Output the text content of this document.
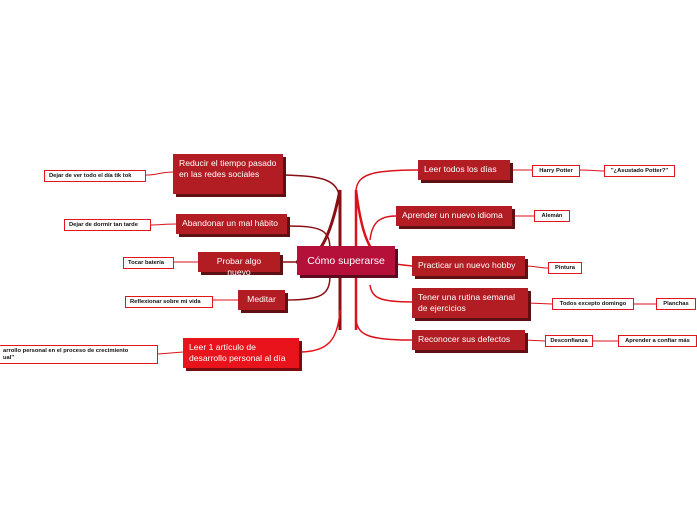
Cómo superarse
Reducir el tiempo pasado en las redes sociales
Abandonar un mal hábito
Probar algo nuevo
Meditar
Leer 1 artículo de desarrollo personal al día
Dejar de ver todo el día tik tok
Dejar de dormir tan tarde
Tocar batería
Reflexionar sobre mi vida
arrollo personal en el proceso de crecimiento
ual"
Leer todos los días
Aprender un nuevo idioma
Practicar un nuevo hobby
Tener una rutina semanal de ejercicios
Reconocer sus defectos
Harry Potter	"¿Asustado Potter?"
Alemán
Pintura
Todos excepto domingo	Planchas
Desconfianza	Aprender a confiar más
